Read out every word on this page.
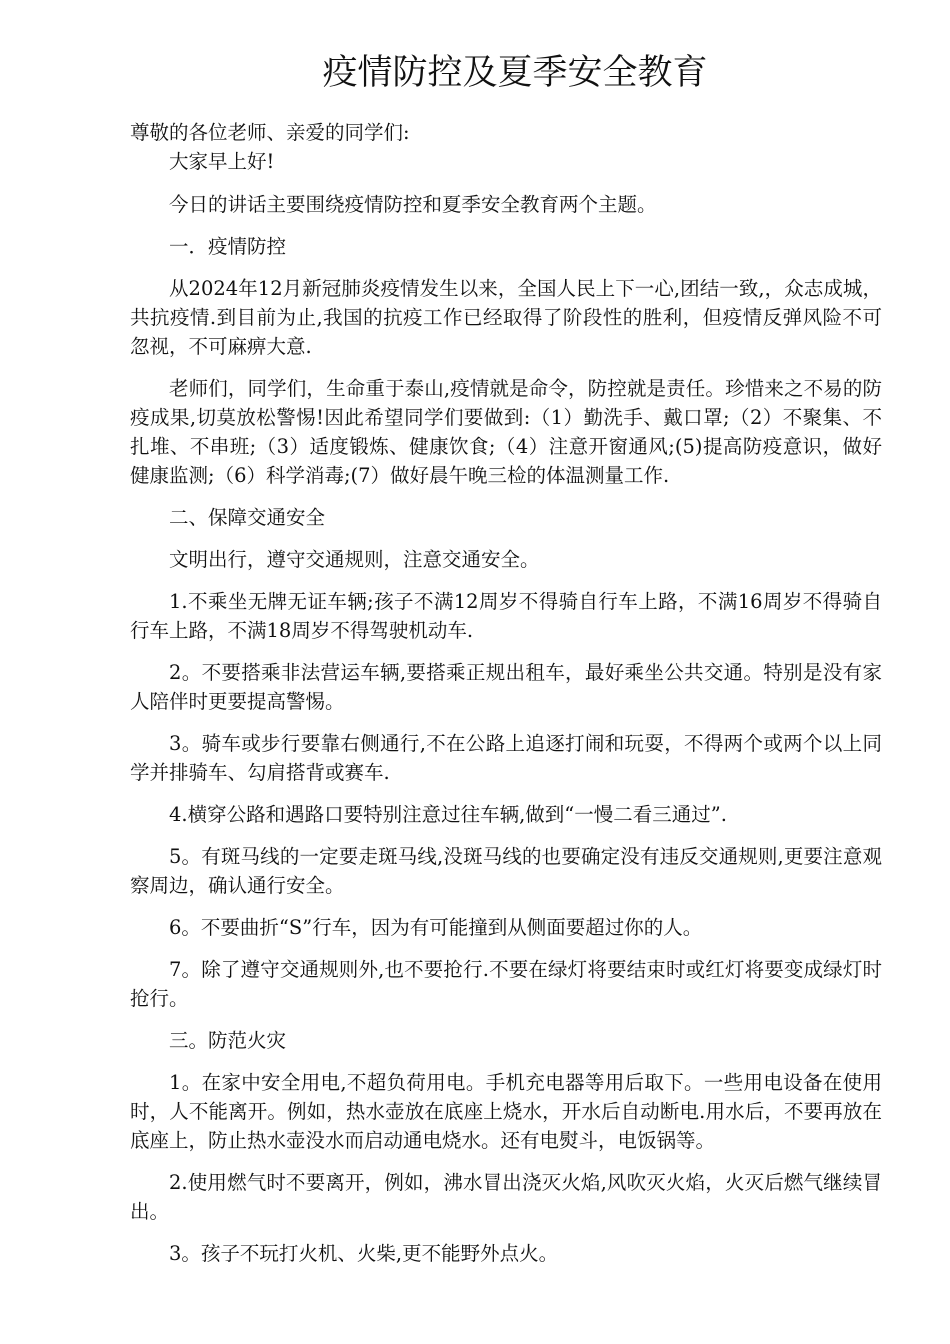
疫情防控及夏季安全教育

尊敬的各位老师、亲爱的同学们:

大家早上好!

今日的讲话主要围绕疫情防控和夏季安全教育两个主题。

一．疫情防控

从2024年12月新冠肺炎疫情发生以来，全国人民上下一心,团结一致,，众志成城，共抗疫情.到目前为止,我国的抗疫工作已经取得了阶段性的胜利，但疫情反弹风险不可忽视，不可麻痹大意.

老师们，同学们，生命重于泰山,疫情就是命令，防控就是责任。珍惜来之不易的防疫成果,切莫放松警惕!因此希望同学们要做到:（1）勤洗手、戴口罩;（2）不聚集、不扎堆、不串班;（3）适度锻炼、健康饮食;（4）注意开窗通风;(5)提高防疫意识，做好健康监测;（6）科学消毒;(7）做好晨午晚三检的体温测量工作.

二、保障交通安全

文明出行，遵守交通规则，注意交通安全。

1.不乘坐无牌无证车辆;孩子不满12周岁不得骑自行车上路，不满16周岁不得骑自行车上路，不满18周岁不得驾驶机动车.

2。不要搭乘非法营运车辆,要搭乘正规出租车，最好乘坐公共交通。特别是没有家人陪伴时更要提高警惕。

3。骑车或步行要靠右侧通行,不在公路上追逐打闹和玩耍，不得两个或两个以上同学并排骑车、勾肩搭背或赛车.

4.横穿公路和遇路口要特别注意过往车辆,做到“一慢二看三通过”.

5。有斑马线的一定要走斑马线,没斑马线的也要确定没有违反交通规则,更要注意观察周边，确认通行安全。

6。不要曲折“S”行车，因为有可能撞到从侧面要超过你的人。

7。除了遵守交通规则外,也不要抢行.不要在绿灯将要结束时或红灯将要变成绿灯时抢行。

三。防范火灾

1。在家中安全用电,不超负荷用电。手机充电器等用后取下。一些用电设备在使用时，人不能离开。例如，热水壶放在底座上烧水，开水后自动断电.用水后，不要再放在底座上，防止热水壶没水而启动通电烧水。还有电熨斗，电饭锅等。

2.使用燃气时不要离开，例如，沸水冒出浇灭火焰,风吹灭火焰，火灭后燃气继续冒出。

3。孩子不玩打火机、火柴,更不能野外点火。
